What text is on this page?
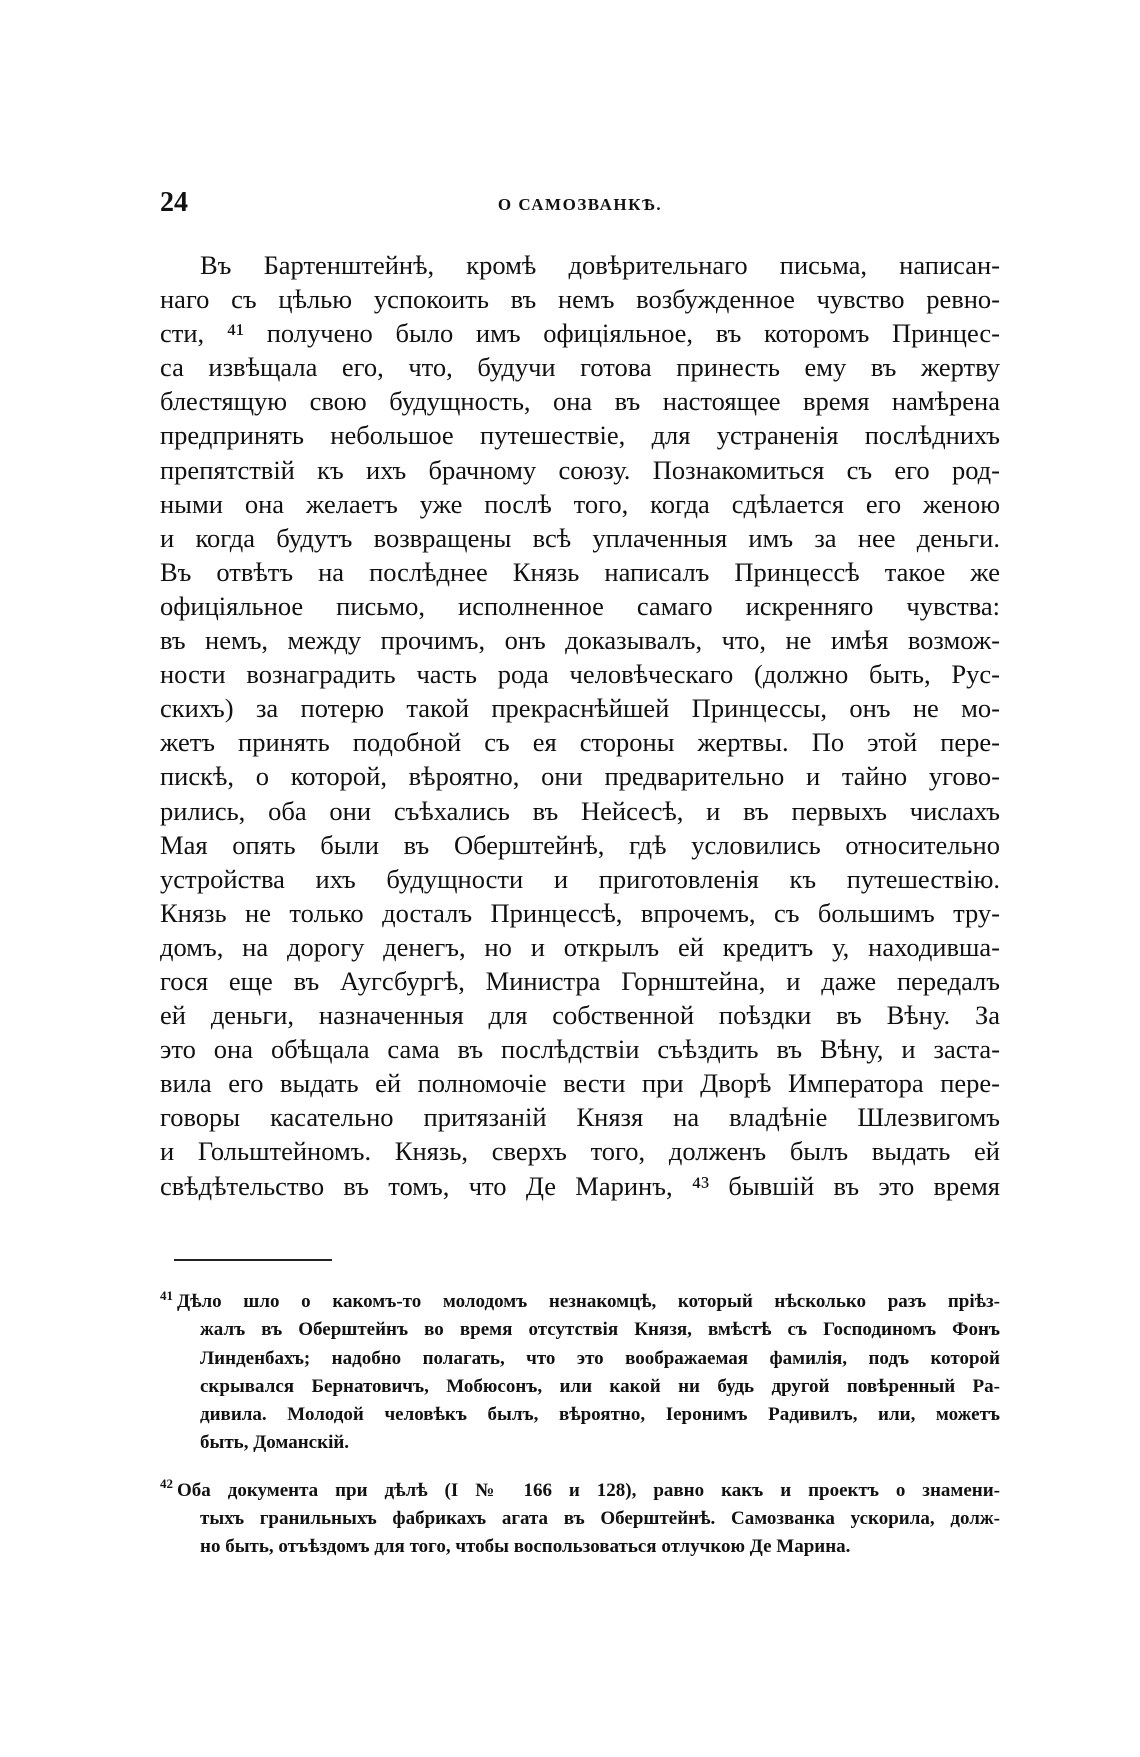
24	О САМОЗВАНКѢ.
Въ Бартенштейнѣ, кромѣ довѣрительнаго письма, написан-
наго съ цѣлью успокоить въ немъ возбужденное чувство ревно-
сти, ⁴¹ получено было имъ офиціяльное, въ которомъ Принцес-
са извѣщала его, что, будучи готова принесть ему въ жертву
блестящую свою будущность, она въ настоящее время намѣрена
предпринять небольшое путешествіе, для устраненія послѣднихъ
препятствій къ ихъ брачному союзу. Познакомиться съ его род-
ными она желаетъ уже послѣ того, когда сдѣлается его женою
и когда будутъ возвращены всѣ уплаченныя имъ за нее деньги.
Въ отвѣтъ на послѣднее Князь написалъ Принцессѣ такое же
офиціяльное письмо, исполненное самаго искренняго чувства:
въ немъ, между прочимъ, онъ доказывалъ, что, не имѣя возмож-
ности вознаградить часть рода человѣческаго (должно быть, Рус-
скихъ) за потерю такой прекраснѣйшей Принцессы, онъ не мо-
жетъ принять подобной съ ея стороны жертвы. По этой пере-
пискѣ, о которой, вѣроятно, они предварительно и тайно угово-
рились, оба они съѣхались въ Нейсесѣ, и въ первыхъ числахъ
Мая опять были въ Оберштейнѣ, гдѣ условились относительно
устройства ихъ будущности и приготовленія къ путешествію.
Князь не только досталъ Принцессѣ, впрочемъ, съ большимъ тру-
домъ, на дорогу денегъ, но и открылъ ей кредитъ у, находивша-
гося еще въ Аугсбургѣ, Министра Горнштейна, и даже передалъ
ей деньги, назначенныя для собственной поѣздки въ Вѣну. За
это она обѣщала сама въ послѣдствіи съѣздить въ Вѣну, и заста-
вила его выдать ей полномочіе вести при Дворѣ Императора пере-
говоры касательно притязаній Князя на владѣніе Шлезвигомъ
и Гольштейномъ. Князь, сверхъ того, долженъ былъ выдать ей
свѣдѣтельство въ томъ, что Де Маринъ, ⁴³ бывшій въ это время
$^{41}$ Дѣло шло о какомъ-то молодомъ незнакомцѣ, который нѣсколько разъ пріѣз-
жалъ въ Оберштейнъ во время отсутствія Князя, вмѣстѣ съ Господиномъ Фонъ
Линденбахъ; надобно полагать, что это воображаемая фамилія, подъ которой
скрывался Бернатовичъ, Мобюсонъ, или какой ни будь другой повѣренный Ра-
дивила. Молодой человѣкъ былъ, вѣроятно, Іеронимъ Радивилъ, или, можетъ
быть, Доманскій.
$^{42}$ Оба документа при дѣлѣ (I № 166 и 128), равно какъ и проектъ о знамени-
тыхъ гранильныхъ фабрикахъ агата въ Оберштейнѣ. Самозванка ускорила, долж-
но быть, отъѣздомъ для того, чтобы воспользоваться отлучкою Де Марина.
